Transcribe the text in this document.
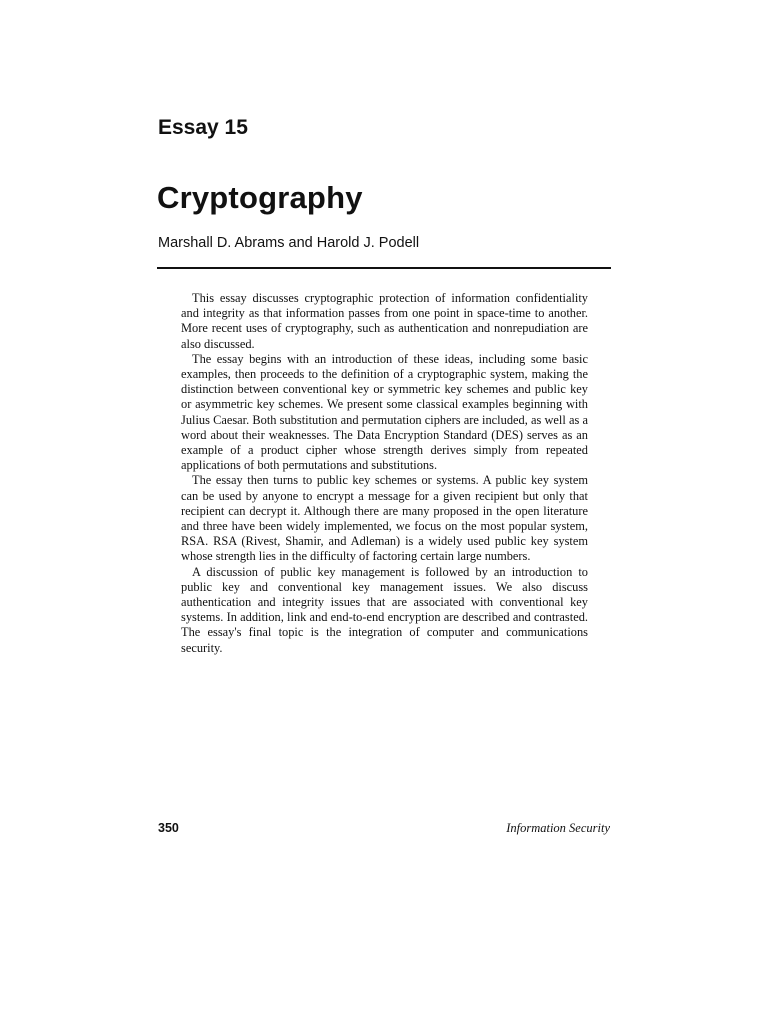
Essay 15
Cryptography

Marshall D. Abrams and Harold J. Podell

This essay discusses cryptographic protection of information confidentiality and integrity as that information passes from one point in space-time to another. More recent uses of cryptography, such as authentication and nonrepudiation are also discussed.

The essay begins with an introduction of these ideas, including some basic examples, then proceeds to the definition of a cryptographic system, making the distinction between conventional key or symmetric key schemes and public key or asymmetric key schemes. We present some classical examples beginning with Julius Caesar. Both substitution and permutation ciphers are included, as well as a word about their weaknesses. The Data Encryption Standard (DES) serves as an example of a product cipher whose strength derives simply from repeated applications of both permutations and substitutions.

The essay then turns to public key schemes or systems. A public key system can be used by anyone to encrypt a message for a given recipient but only that recipient can decrypt it. Although there are many proposed in the open literature and three have been widely implemented, we focus on the most popular system, RSA. RSA (Rivest, Shamir, and Adleman) is a widely used public key system whose strength lies in the difficulty of factoring certain large numbers.

A discussion of public key management is followed by an introduction to public key and conventional key management issues. We also discuss authentication and integrity issues that are associated with conventional key systems. In addition, link and end-to-end encryption are described and contrasted. The essay's final topic is the integration of computer and communications security.

350	Information Security
